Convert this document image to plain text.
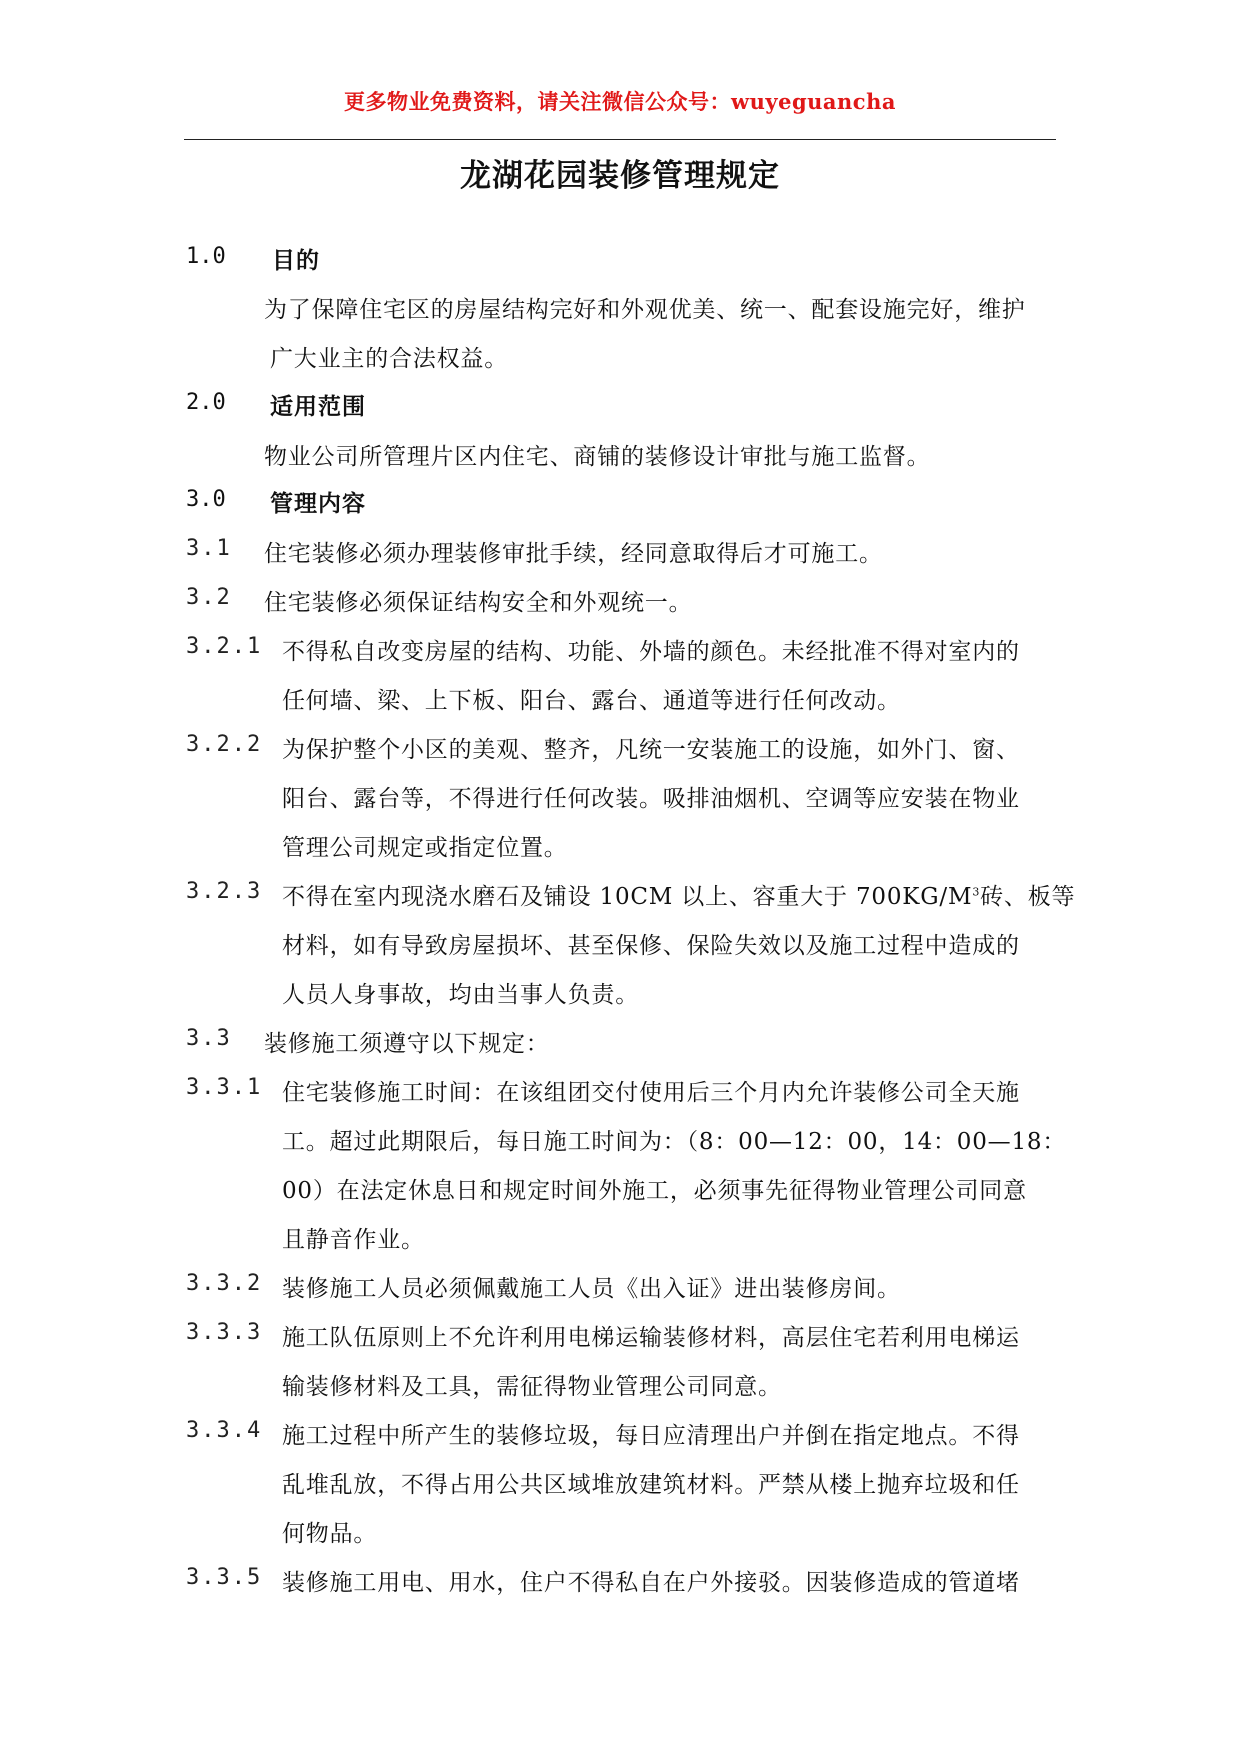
更多物业免费资料，请关注微信公众号：wuyeguancha
龙湖花园装修管理规定
1.0 目的
为了保障住宅区的房屋结构完好和外观优美、统一、配套设施完好，维护
广大业主的合法权益。
2.0 适用范围
物业公司所管理片区内住宅、商铺的装修设计审批与施工监督。
3.0 管理内容
3.1 住宅装修必须办理装修审批手续，经同意取得后才可施工。
3.2 住宅装修必须保证结构安全和外观统一。
3.2.1 不得私自改变房屋的结构、功能、外墙的颜色。未经批准不得对室内的
任何墙、梁、上下板、阳台、露台、通道等进行任何改动。
3.2.2 为保护整个小区的美观、整齐，凡统一安装施工的设施，如外门、窗、
阳台、露台等，不得进行任何改装。吸排油烟机、空调等应安装在物业
管理公司规定或指定位置。
3.2.3 不得在室内现浇水磨石及铺设 10CM 以上、容重大于 $700KG/M^3$砖、板等
材料，如有导致房屋损坏、甚至保修、保险失效以及施工过程中造成的
人员人身事故，均由当事人负责。
3.3 装修施工须遵守以下规定：
3.3.1 住宅装修施工时间：在该组团交付使用后三个月内允许装修公司全天施
工。超过此期限后，每日施工时间为：（8：00—12：00，14：00—18：
00）在法定休息日和规定时间外施工，必须事先征得物业管理公司同意
且静音作业。
3.3.2 装修施工人员必须佩戴施工人员《出入证》进出装修房间。
3.3.3 施工队伍原则上不允许利用电梯运输装修材料，高层住宅若利用电梯运
输装修材料及工具，需征得物业管理公司同意。
3.3.4 施工过程中所产生的装修垃圾，每日应清理出户并倒在指定地点。不得
乱堆乱放，不得占用公共区域堆放建筑材料。严禁从楼上抛弃垃圾和任
何物品。
3.3.5 装修施工用电、用水，住户不得私自在户外接驳。因装修造成的管道堵
